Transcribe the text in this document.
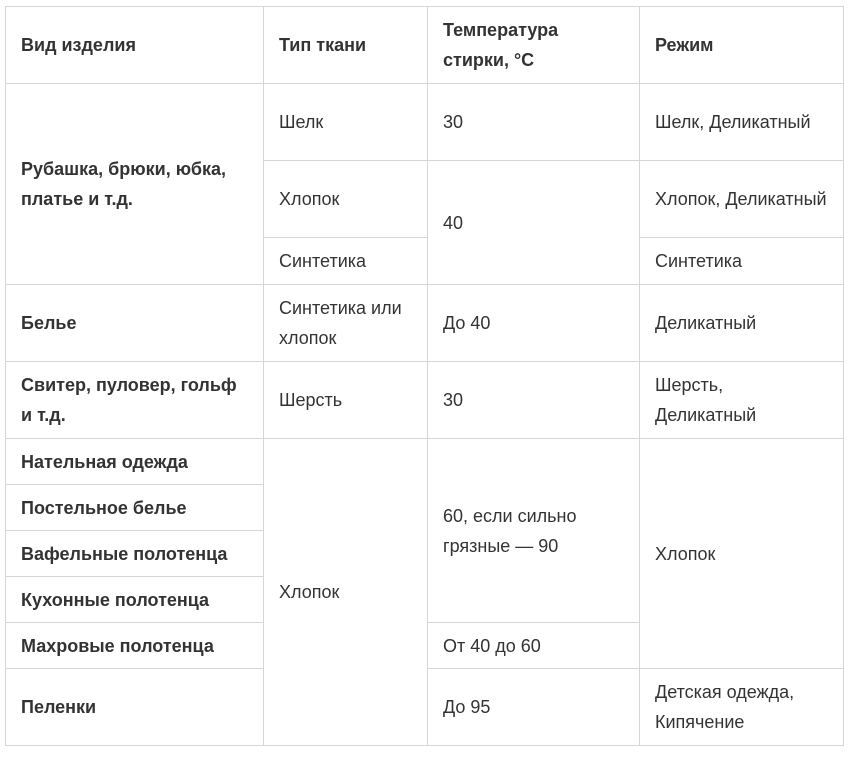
Вид изделия	Тип ткани	Температура стирки, °С	Режим
Рубашка, брюки, юбка, платье и т.д.	Шелк	30	Шелк, Деликатный
	Хлопок	40	Хлопок, Деликатный
	Синтетика		Синтетика
Белье	Синтетика или хлопок	До 40	Деликатный
Свитер, пуловер, гольф и т.д.	Шерсть	30	Шерсть, Деликатный
Нательная одежда	Хлопок	60, если сильно грязные — 90	Хлопок
Постельное белье			
Вафельные полотенца			
Кухонные полотенца			
Махровые полотенца		От 40 до 60	
Пеленки		До 95	Детская одежда, Кипячение
